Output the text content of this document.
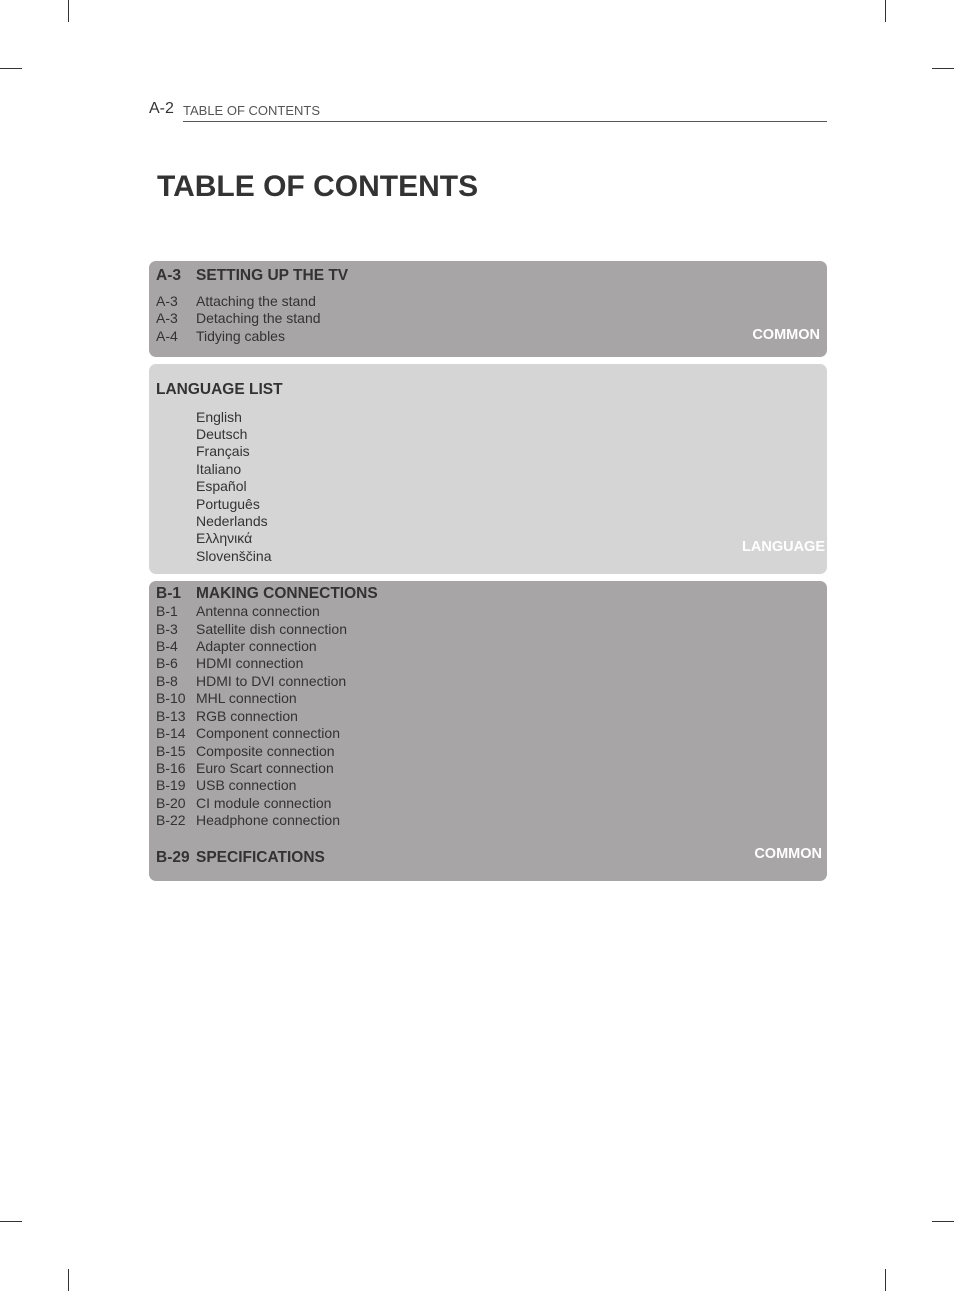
A-2 TABLE OF CONTENTS
TABLE OF CONTENTS
A-3 SETTING UP THE TV
A-3 Attaching the stand
A-3 Detaching the stand
A-4 Tidying cables	COMMON
LANGUAGE LIST
English
Deutsch
Français
Italiano
Español
Português
Nederlands
Ελληνικά
Slovenščina
LANGUAGE
B-1 MAKING CONNECTIONS
B-1 Antenna connection
B-3 Satellite dish connection
B-4 Adapter connection
B-6 HDMI connection
B-8 HDMI to DVI connection
B-10 MHL connection
B-13 RGB connection
B-14 Component connection
B-15 Composite connection
B-16 Euro Scart connection
B-19 USB connection
B-20 CI module connection
B-22 Headphone connection
B-29 SPECIFICATIONS	COMMON
